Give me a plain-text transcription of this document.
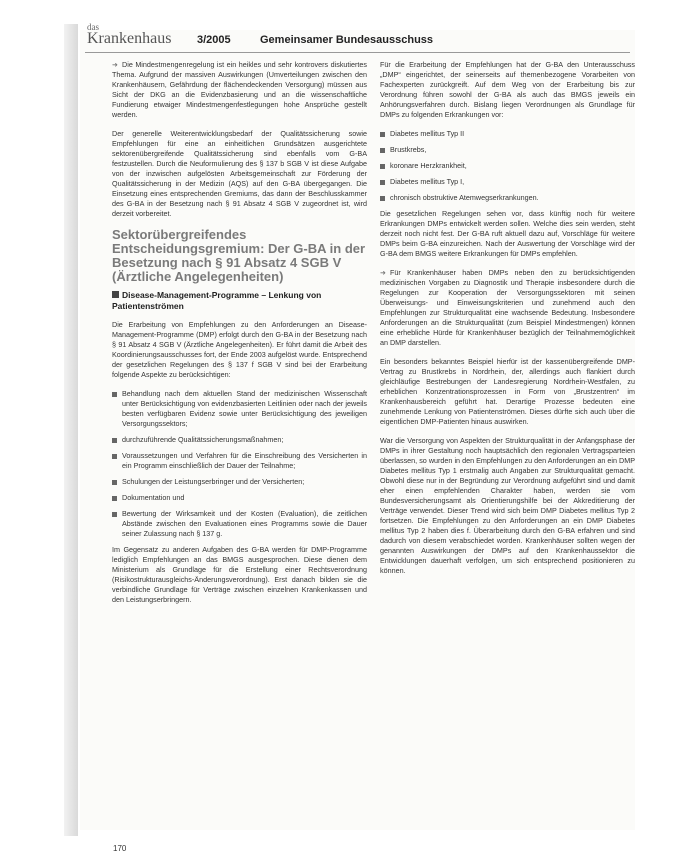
das
Krankenhaus 3/2005	Gemeinsamer Bundesausschuss

➜ Die Mindestmengenregelung ist ein heikles und sehr kontrovers diskutiertes Thema. Aufgrund der massiven Auswirkungen (Umverteilungen zwischen den Krankenhäusern, Gefährdung der flächendeckenden Versorgung) müssen aus Sicht der DKG an die Evidenzbasierung und an die wissenschaftliche Fundierung etwaiger Mindestmengenfestlegungen hohe Ansprüche gestellt werden.

Der generelle Weiterentwicklungsbedarf der Qualitätssicherung sowie Empfehlungen für eine an einheitlichen Grundsätzen ausgerichtete sektorenübergreifende Qualitätssicherung sind ebenfalls vom G-BA festzustellen. Durch die Neuformulierung des § 137 b SGB V ist diese Aufgabe von der inzwischen aufgelösten Arbeitsgemeinschaft zur Förderung der Qualitätssicherung in der Medizin (AQS) auf den G-BA übergegangen. Die Einsetzung eines entsprechenden Gremiums, das dann der Beschlusskammer des G-BA in der Besetzung nach § 91 Absatz 4 SGB V zugeordnet ist, wird derzeit vorbereitet.

Sektorübergreifendes Entscheidungsgremium: Der G-BA in der Besetzung nach § 91 Absatz 4 SGB V (Ärztliche Angelegenheiten)

Disease-Management-Programme – Lenkung von Patientenströmen

Die Erarbeitung von Empfehlungen zu den Anforderungen an Disease-Management-Programme (DMP) erfolgt durch den G-BA in der Besetzung nach § 91 Absatz 4 SGB V (Ärztliche Angelegenheiten). Er führt damit die Arbeit des Koordinierungsausschusses fort, der Ende 2003 aufgelöst wurde. Entsprechend der gesetzlichen Regelungen des § 137 f SGB V sind bei der Erarbeitung folgende Aspekte zu berücksichtigen:

Behandlung nach dem aktuellen Stand der medizinischen Wissenschaft unter Berücksichtigung von evidenzbasierten Leitlinien oder nach der jeweils besten verfügbaren Evidenz sowie unter Berücksichtigung des jeweiligen Versorgungssektors;

durchzuführende Qualitätssicherungsmaßnahmen;

Voraussetzungen und Verfahren für die Einschreibung des Versicherten in ein Programm einschließlich der Dauer der Teilnahme;

Schulungen der Leistungserbringer und der Versicherten;

Dokumentation und

Bewertung der Wirksamkeit und der Kosten (Evaluation), die zeitlichen Abstände zwischen den Evaluationen eines Programms sowie die Dauer seiner Zulassung nach § 137 g.

Im Gegensatz zu anderen Aufgaben des G-BA werden für DMP-Programme lediglich Empfehlungen an das BMGS ausgesprochen. Diese dienen dem Ministerium als Grundlage für die Erstellung einer Rechtsverordnung (Risikostrukturausgleichs-Änderungsverordnung). Erst danach bilden sie die verbindliche Grundlage für Verträge zwischen einzelnen Krankenkassen und den Leistungserbringern.

Für die Erarbeitung der Empfehlungen hat der G-BA den Unterausschuss „DMP“ eingerichtet, der seinerseits auf themenbezogene Vorarbeiten von Fachexperten zurückgreift. Auf dem Weg von der Erarbeitung bis zur Verordnung führen sowohl der G-BA als auch das BMGS jeweils ein Anhörungsverfahren durch. Bislang liegen Verordnungen als Grundlage für DMPs zu folgenden Erkrankungen vor:

Diabetes mellitus Typ II

Brustkrebs,

koronare Herzkrankheit,

Diabetes mellitus Typ I,

chronisch obstruktive Atemwegserkrankungen.

Die gesetzlichen Regelungen sehen vor, dass künftig noch für weitere Erkrankungen DMPs entwickelt werden sollen. Welche dies sein werden, steht derzeit noch nicht fest. Der G-BA ruft aktuell dazu auf, Vorschläge für weitere DMPs beim G-BA einzureichen. Nach der Auswertung der Vorschläge wird der G-BA dem BMGS weitere Erkrankungen für DMPs empfehlen.

➜ Für Krankenhäuser haben DMPs neben den zu berücksichtigenden medizinischen Vorgaben zu Diagnostik und Therapie insbesondere durch die Regelungen zur Kooperation der Versorgungssektoren mit seinen Überweisungs- und Einweisungskriterien und zunehmend auch den Empfehlungen zur Strukturqualität eine wachsende Bedeutung. Insbesondere Anforderungen an die Strukturqualität (zum Beispiel Mindestmengen) können eine erhebliche Hürde für Krankenhäuser bezüglich der Teilnahmemöglichkeit an DMP darstellen.

Ein besonders bekanntes Beispiel hierfür ist der kassenübergreifende DMP-Vertrag zu Brustkrebs in Nordrhein, der, allerdings auch flankiert durch gleichläufige Bestrebungen der Landesregierung Nordrhein-Westfalen, zu erheblichen Konzentrationsprozessen in Form von „Brustzentren“ im Krankenhausbereich geführt hat. Derartige Prozesse bedeuten eine zunehmende Lenkung von Patientenströmen. Dieses dürfte sich auch über die eigentlichen DMP-Patienten hinaus auswirken.

War die Versorgung von Aspekten der Strukturqualität in der Anfangsphase der DMPs in ihrer Gestaltung noch hauptsächlich den regionalen Vertragsparteien überlassen, so wurden in den Empfehlungen zu den Anforderungen an ein DMP Diabetes mellitus Typ 1 erstmalig auch Angaben zur Strukturqualität gemacht. Obwohl diese nur in der Begründung zur Verordnung aufgeführt sind und damit eher einen empfehlenden Charakter haben, werden sie vom Bundesversicherungsamt als Orientierungshilfe bei der Akkreditierung der Verträge verwendet. Dieser Trend wird sich beim DMP Diabetes mellitus Typ 2 fortsetzen. Die Empfehlungen zu den Anforderungen an ein DMP Diabetes mellitus Typ 2 haben dies f. Überarbeitung durch den G-BA erfahren und sind dadurch von diesem verabschiedet worden. Krankenhäuser sollten wegen der genannten Auswirkungen der DMPs auf den Krankenhaussektor die Entwicklungen dauerhaft verfolgen, um sich entsprechend positionieren zu können.

170
